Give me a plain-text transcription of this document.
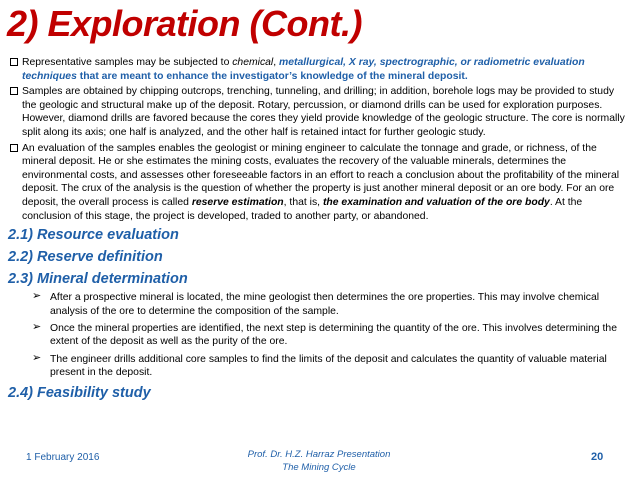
2) Exploration (Cont.)

Representative samples may be subjected to chemical, metallurgical, X ray, spectrographic, or radiometric evaluation techniques that are meant to enhance the investigator’s knowledge of the mineral deposit.

Samples are obtained by chipping outcrops, trenching, tunneling, and drilling; in addition, borehole logs may be provided to study the geologic and structural make up of the deposit. Rotary, percussion, or diamond drills can be used for exploration purposes. However, diamond drills are favored because the cores they yield provide knowledge of the geologic structure. The core is normally split along its axis; one half is analyzed, and the other half is retained intact for further geologic study.

An evaluation of the samples enables the geologist or mining engineer to calculate the tonnage and grade, or richness, of the mineral deposit. He or she estimates the mining costs, evaluates the recovery of the valuable minerals, determines the environmental costs, and assesses other foreseeable factors in an effort to reach a conclusion about the profitability of the mineral deposit. The crux of the analysis is the question of whether the property is just another mineral deposit or an ore body. For an ore deposit, the overall process is called reserve estimation, that is, the examination and valuation of the ore body. At the conclusion of this stage, the project is developed, traded to another party, or abandoned.

2.1) Resource evaluation
2.2) Reserve definition
2.3) Mineral determination

➢ After a prospective mineral is located, the mine geologist then determines the ore properties. This may involve chemical analysis of the ore to determine the composition of the sample.

➢ Once the mineral properties are identified, the next step is determining the quantity of the ore. This involves determining the extent of the deposit as well as the purity of the ore.

➢ The engineer drills additional core samples to find the limits of the deposit and calculates the quantity of valuable material present in the deposit.

2.4) Feasibility study
1 February 2016	Prof. Dr. H.Z. Harraz Presentation
The Mining Cycle
20
